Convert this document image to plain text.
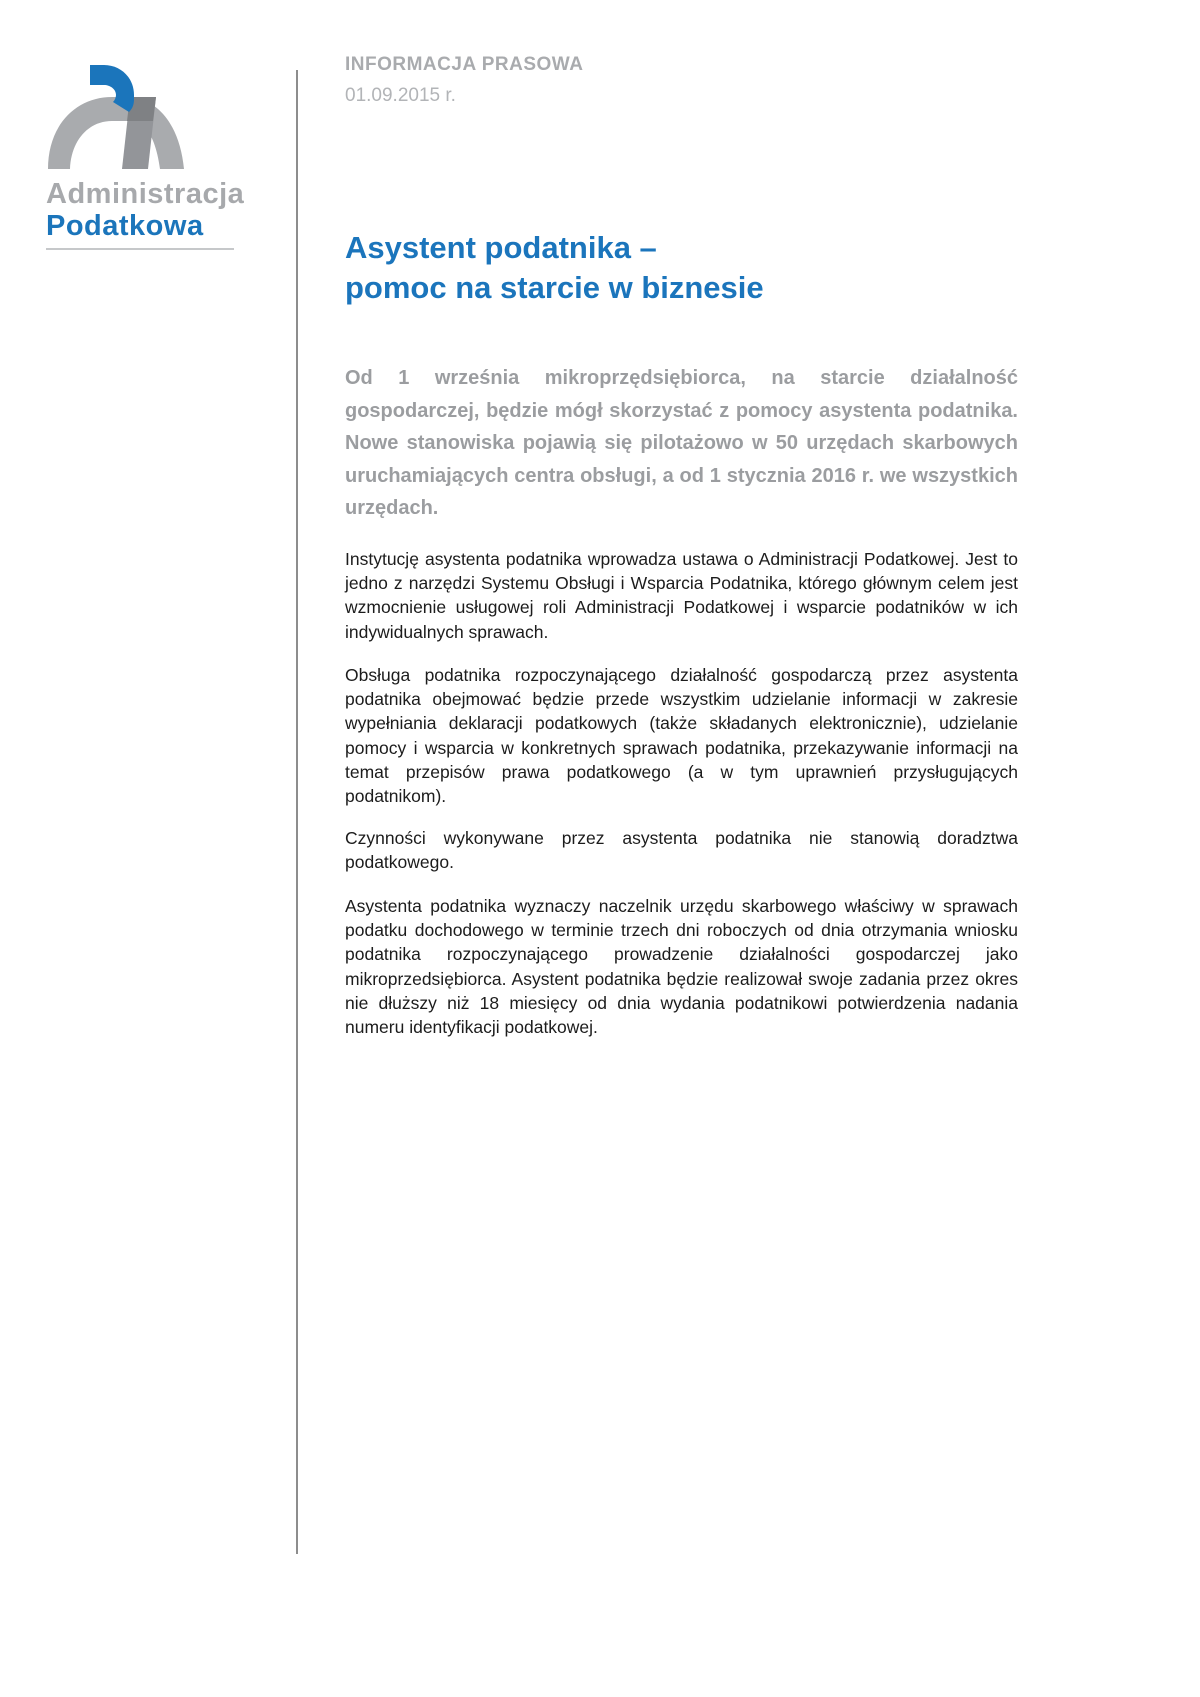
Administracja
Podatkowa
INFORMACJA PRASOWA
01.09.2015 r.
Asystent podatnika –
pomoc na starcie w biznesie

Od 1 września mikroprzędsiębiorca, na starcie działalność gospodarczej, będzie mógł skorzystać z pomocy asystenta podatnika. Nowe stanowiska pojawią się pilotażowo w 50 urzędach skarbowych uruchamiających centra obsługi, a od 1 stycznia 2016 r. we wszystkich urzędach.

Instytucję asystenta podatnika wprowadza ustawa o Administracji Podatkowej. Jest to jedno z narzędzi Systemu Obsługi i Wsparcia Podatnika, którego głównym celem jest wzmocnienie usługowej roli Administracji Podatkowej i wsparcie podatników w ich indywidualnych sprawach.

Obsługa podatnika rozpoczynającego działalność gospodarczą przez asystenta podatnika obejmować będzie przede wszystkim udzielanie informacji w zakresie wypełniania deklaracji podatkowych (także składanych elektronicznie), udzielanie pomocy i wsparcia w konkretnych sprawach podatnika, przekazywanie informacji na temat przepisów prawa podatkowego (a w tym uprawnień przysługujących podatnikom).

Czynności wykonywane przez asystenta podatnika nie stanowią doradztwa podatkowego.

Asystenta podatnika wyznaczy naczelnik urzędu skarbowego właściwy w sprawach podatku dochodowego w terminie trzech dni roboczych od dnia otrzymania wniosku podatnika rozpoczynającego prowadzenie działalności gospodarczej jako mikroprzedsiębiorca. Asystent podatnika będzie realizował swoje zadania przez okres nie dłuższy niż 18 miesięcy od dnia wydania podatnikowi potwierdzenia nadania numeru identyfikacji podatkowej.
